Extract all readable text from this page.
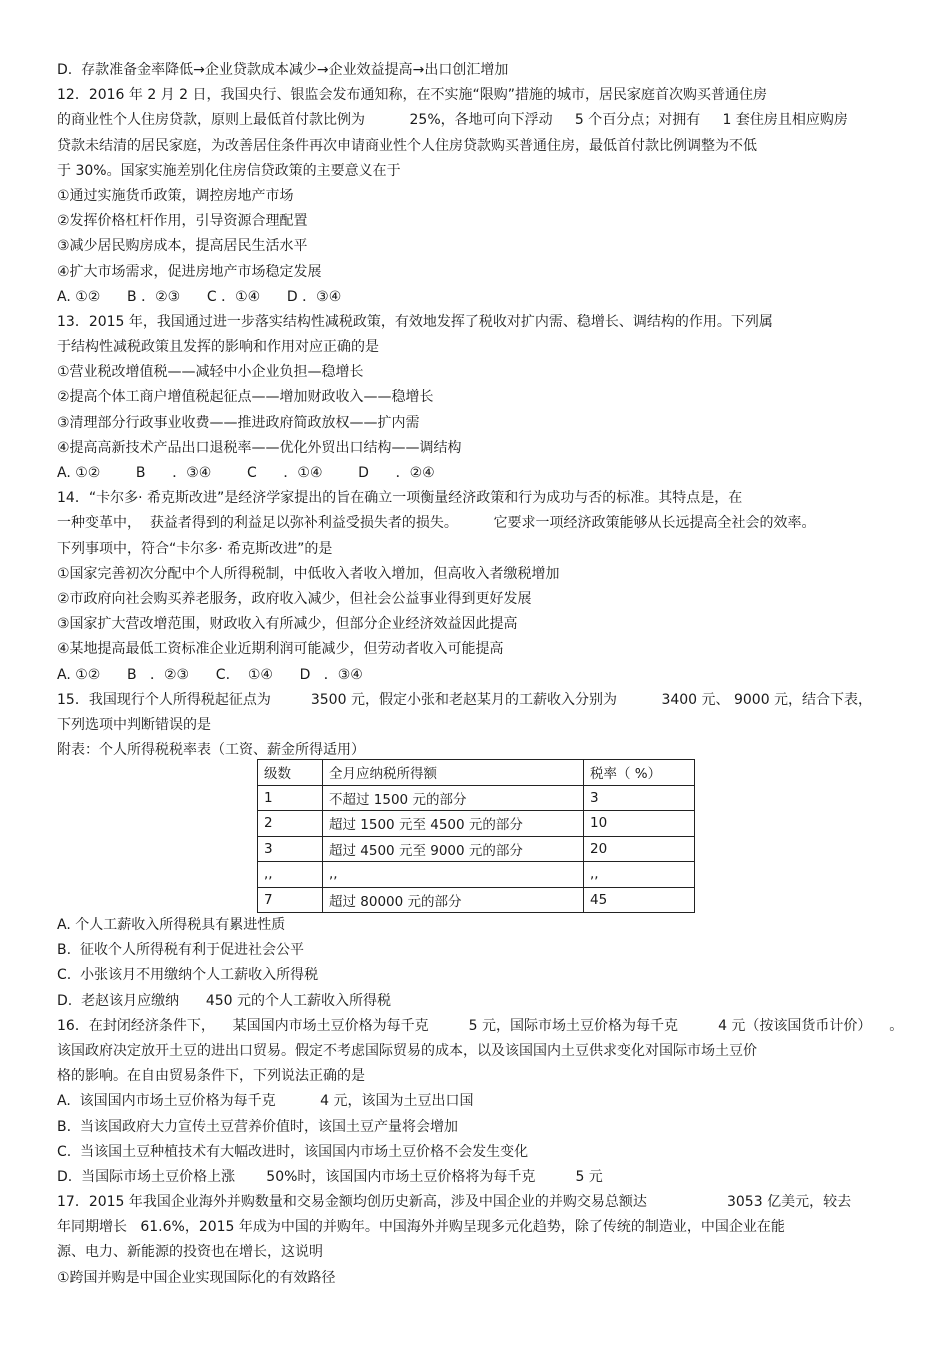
D.  存款准备金率降低→企业贷款成本减少→企业效益提高→出口创汇增加
12．2016 年 2 月 2 日，我国央行、银监会发布通知称，在不实施“限购”措施的城市，居民家庭首次购买普通住房
的商业性个人住房贷款，原则上最低首付款比例为          25%，各地可向下浮动     5 个百分点；对拥有     1 套住房且相应购房
贷款未结清的居民家庭，为改善居住条件再次申请商业性个人住房贷款购买普通住房，最低首付款比例调整为不低
于 30%。国家实施差别化住房信贷政策的主要意义在于
①通过实施货币政策，调控房地产市场
②发挥价格杠杆作用，引导资源合理配置
③减少居民购房成本，提高居民生活水平
④扩大市场需求，促进房地产市场稳定发展
A. ①②      B ．②③      C ．①④      D ．③④
13．2015 年，我国通过进一步落实结构性减税政策，有效地发挥了税收对扩内需、稳增长、调结构的作用。下列属
于结构性减税政策且发挥的影响和作用对应正确的是
①营业税改增值税——减轻中小企业负担—稳增长
②提高个体工商户增值税起征点——增加财政收入——稳增长
③清理部分行政事业收费——推进政府简政放权——扩内需
④提高高新技术产品出口退税率——优化外贸出口结构——调结构
A. ①②        B      ．③④        C      ．①④        D      ．②④
14．“卡尔多· 希克斯改进”是经济学家提出的旨在确立一项衡量经济政策和行为成功与否的标准。其特点是，在
一种变革中，  获益者得到的利益足以弥补利益受损失者的损失。        它要求一项经济政策能够从长远提高全社会的效率。
下列事项中，符合“卡尔多· 希克斯改进”的是
①国家完善初次分配中个人所得税制，中低收入者收入增加，但高收入者缴税增加
②市政府向社会购买养老服务，政府收入减少，但社会公益事业得到更好发展
③国家扩大营改增范围，财政收入有所减少，但部分企业经济效益因此提高
④某地提高最低工资标准企业近期利润可能减少，但劳动者收入可能提高
A. ①②      B   ．②③      C.    ①④      D   ．③④
15．我国现行个人所得税起征点为         3500 元，假定小张和老赵某月的工薪收入分别为          3400 元、 9000 元，结合下表，
下列选项中判断错误的是
附表：个人所得税税率表（工资、薪金所得适用）
级数	全月应纳税所得额	税率（ %）
1	不超过 1500 元的部分	3
2	超过 1500 元至 4500 元的部分	10
3	超过 4500 元至 9000 元的部分	20
,,	,,	,,
7	超过 80000 元的部分	45
A. 个人工薪收入所得税具有累进性质
B.  征收个人所得税有利于促进社会公平
C.  小张该月不用缴纳个人工薪收入所得税
D.  老赵该月应缴纳      450 元的个人工薪收入所得税
16．在封闭经济条件下，    某国国内市场土豆价格为每千克         5 元，国际市场土豆价格为每千克         4 元（按该国货币计价）    。
该国政府决定放开土豆的进出口贸易。假定不考虑国际贸易的成本，以及该国国内土豆供求变化对国际市场土豆价
格的影响。在自由贸易条件下，下列说法正确的是
A.  该国国内市场土豆价格为每千克          4 元，该国为土豆出口国
B.  当该国政府大力宣传土豆营养价值时，该国土豆产量将会增加
C.  当该国土豆种植技术有大幅改进时，该国国内市场土豆价格不会发生变化
D.  当国际市场土豆价格上涨       50%时，该国国内市场土豆价格将为每千克         5 元
17．2015 年我国企业海外并购数量和交易金额均创历史新高，涉及中国企业的并购交易总额达                  3053 亿美元，较去
年同期增长   61.6%，2015 年成为中国的并购年。中国海外并购呈现多元化趋势，除了传统的制造业，中国企业在能
源、电力、新能源的投资也在增长，这说明
①跨国并购是中国企业实现国际化的有效路径
